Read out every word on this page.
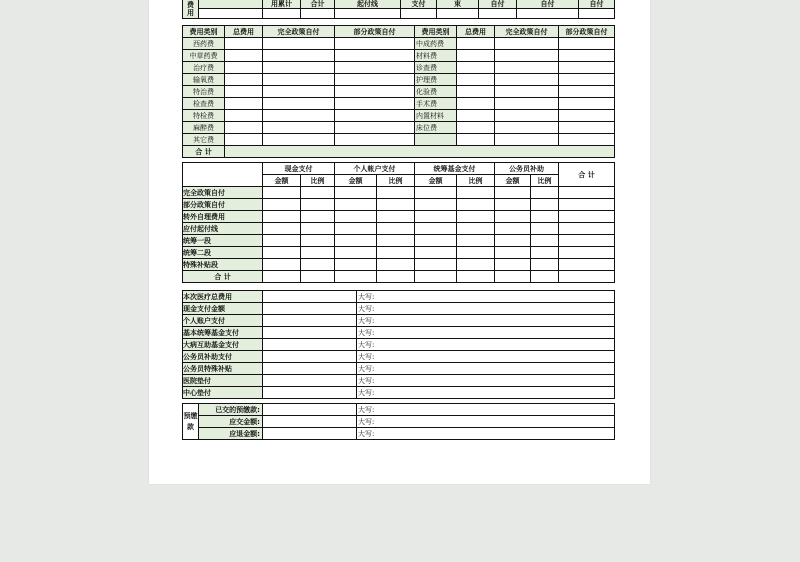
费 用		用累计	合计	起付线	支付	束	自付	自付	自付

费用类别	总费用	完全政策自付	部分政策自付	费用类别	总费用	完全政策自付	部分政策自付
西药费				中成药费			
中草药费				材料费			
治疗费				诊查费			
输氧费				护理费			
特治费				化验费			
检查费				手术费			
特检费				内置材料			
麻醉费				床位费			
其它费							
合 计							
	现金支付		个人帐户支付		统筹基金支付		公务员补助		合 计
	金额	比例	金额	比例	金额	比例	金额	比例	
完全政策自付									
部分政策自付									
转外自理费用									
应付起付线									
统筹一段									
统筹二段									
特殊补贴段									
合 计									
本次医疗总费用		大写:	
现金支付金额		大写:	
个人账户支付		大写:	
基本统筹基金支付		大写:	
大病互助基金支付		大写:	
公务员补助支付		大写:	
公务员特殊补贴		大写:	
医院垫付		大写:	
中心垫付		大写:	
预缴款	已交的预缴款:		大写:	
	应交金额:		大写:	
	应退金额:		大写:	
